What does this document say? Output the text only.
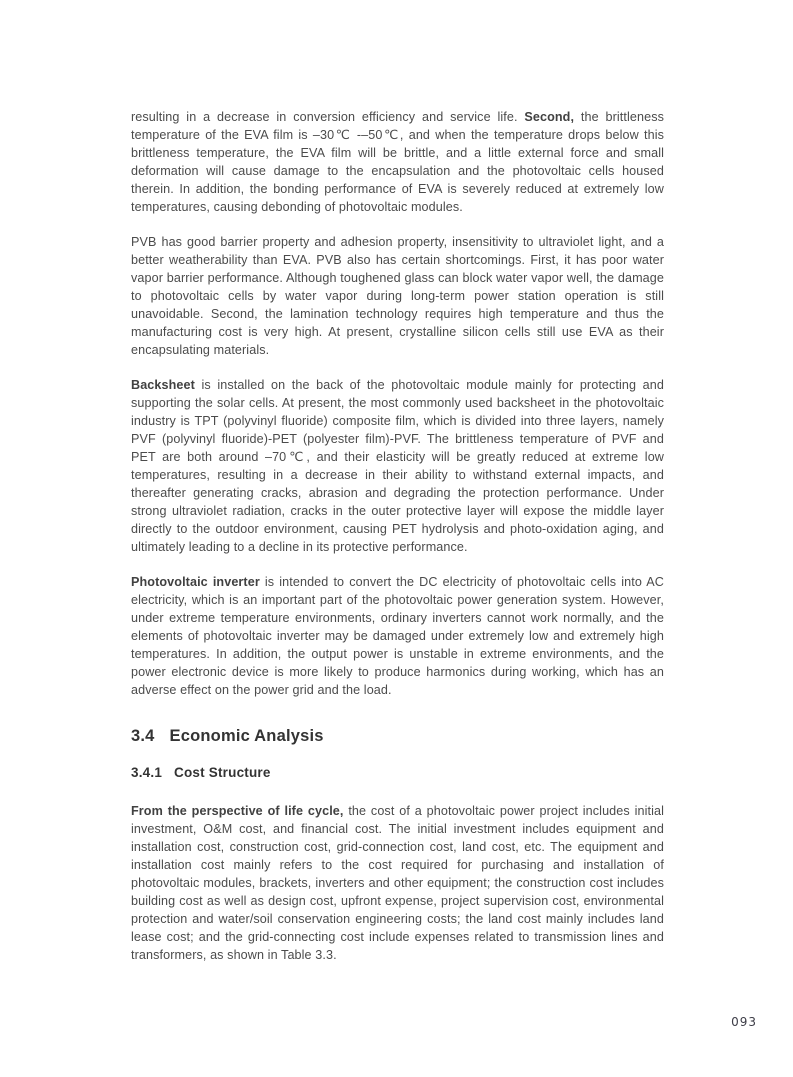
resulting in a decrease in conversion efficiency and service life. Second, the brittleness temperature of the EVA film is –30℃ -–50℃, and when the temperature drops below this brittleness temperature, the EVA film will be brittle, and a little external force and small deformation will cause damage to the encapsulation and the photovoltaic cells housed therein. In addition, the bonding performance of EVA is severely reduced at extremely low temperatures, causing debonding of photovoltaic modules.

PVB has good barrier property and adhesion property, insensitivity to ultraviolet light, and a better weatherability than EVA. PVB also has certain shortcomings. First, it has poor water vapor barrier performance. Although toughened glass can block water vapor well, the damage to photovoltaic cells by water vapor during long-term power station operation is still unavoidable. Second, the lamination technology requires high temperature and thus the manufacturing cost is very high. At present, crystalline silicon cells still use EVA as their encapsulating materials.

Backsheet is installed on the back of the photovoltaic module mainly for protecting and supporting the solar cells. At present, the most commonly used backsheet in the photovoltaic industry is TPT (polyvinyl fluoride) composite film, which is divided into three layers, namely PVF (polyvinyl fluoride)-PET (polyester film)-PVF. The brittleness temperature of PVF and PET are both around –70℃, and their elasticity will be greatly reduced at extreme low temperatures, resulting in a decrease in their ability to withstand external impacts, and thereafter generating cracks, abrasion and degrading the protection performance. Under strong ultraviolet radiation, cracks in the outer protective layer will expose the middle layer directly to the outdoor environment, causing PET hydrolysis and photo-oxidation aging, and ultimately leading to a decline in its protective performance.

Photovoltaic inverter is intended to convert the DC electricity of photovoltaic cells into AC electricity, which is an important part of the photovoltaic power generation system. However, under extreme temperature environments, ordinary inverters cannot work normally, and the elements of photovoltaic inverter may be damaged under extremely low and extremely high temperatures. In addition, the output power is unstable in extreme environments, and the power electronic device is more likely to produce harmonics during working, which has an adverse effect on the power grid and the load.

3.4 Economic Analysis
3.4.1 Cost Structure

From the perspective of life cycle, the cost of a photovoltaic power project includes initial investment, O&M cost, and financial cost. The initial investment includes equipment and installation cost, construction cost, grid-connection cost, land cost, etc. The equipment and installation cost mainly refers to the cost required for purchasing and installation of photovoltaic modules, brackets, inverters and other equipment; the construction cost includes building cost as well as design cost, upfront expense, project supervision cost, environmental protection and water/soil conservation engineering costs; the land cost mainly includes land lease cost; and the grid-connecting cost include expenses related to transmission lines and transformers, as shown in Table 3.3.

093
